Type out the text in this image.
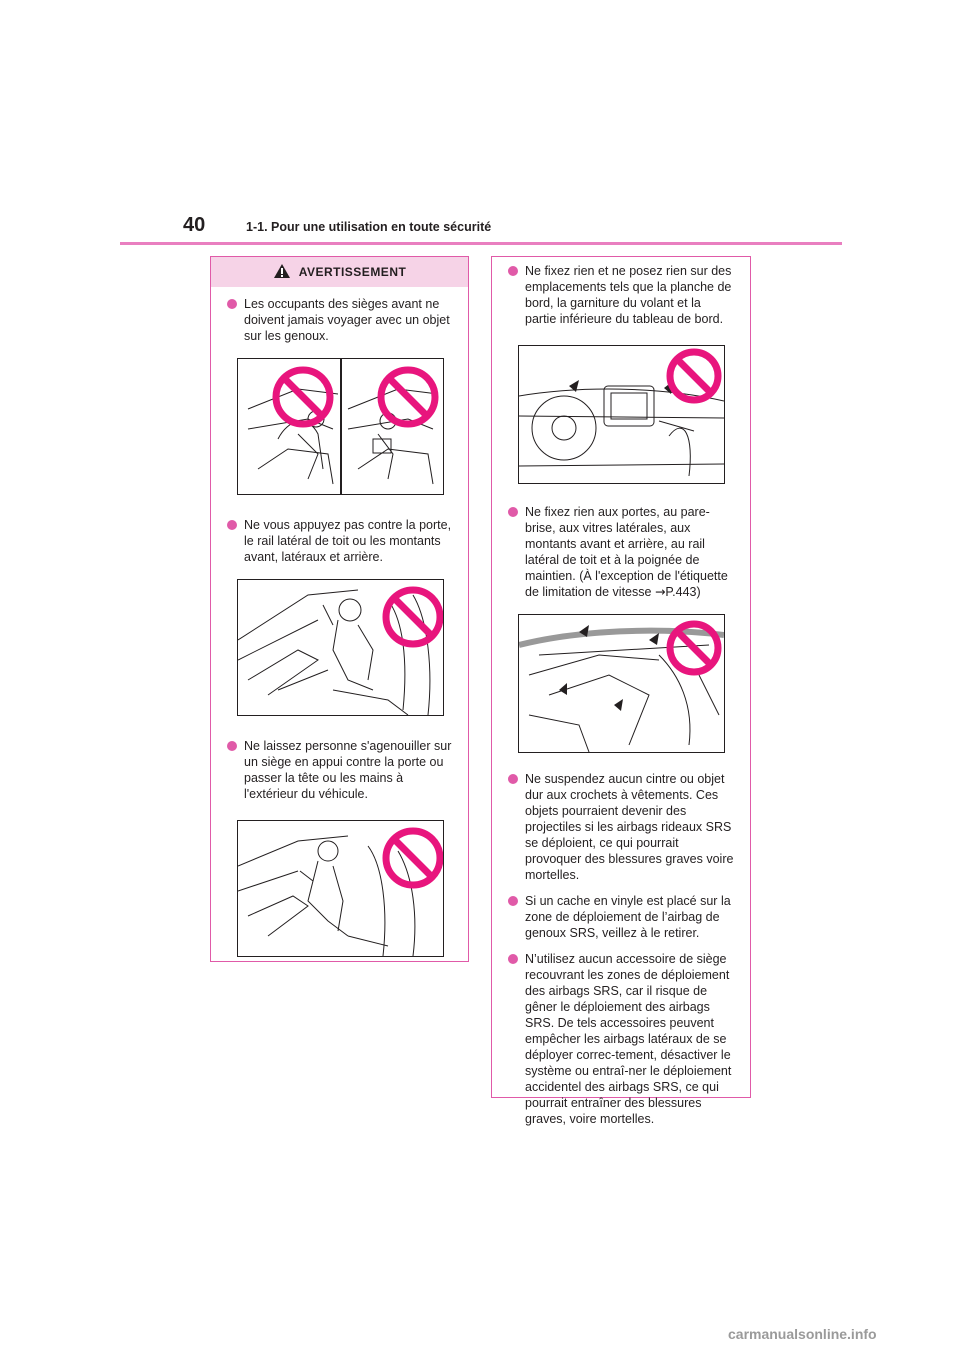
40	1-1. Pour une utilisation en toute sécurité
AVERTISSEMENT
Les occupants des sièges avant ne doivent jamais voyager avec un objet sur les genoux.
Ne vous appuyez pas contre la porte, le rail latéral de toit ou les montants avant, latéraux et arrière.
Ne laissez personne s'agenouiller sur un siège en appui contre la porte ou passer la tête ou les mains à l'extérieur du véhicule.
Ne fixez rien et ne posez rien sur des emplacements tels que la planche de bord, la garniture du volant et la partie inférieure du tableau de bord.
Ne fixez rien aux portes, au pare-brise, aux vitres latérales, aux montants avant et arrière, au rail latéral de toit et à la poignée de maintien. (À l'exception de l'étiquette de limitation de vitesse →P.443)
Ne suspendez aucun cintre ou objet dur aux crochets à vêtements. Ces objets pourraient devenir des projectiles si les airbags rideaux SRS se déploient, ce qui pourrait provoquer des blessures graves voire mortelles.
Si un cache en vinyle est placé sur la zone de déploiement de l’airbag de genoux SRS, veillez à le retirer.
N’utilisez aucun accessoire de siège recouvrant les zones de déploiement des airbags SRS, car il risque de gêner le déploiement des airbags SRS. De tels accessoires peuvent empêcher les airbags latéraux de se déployer correc-tement, désactiver le système ou entraî-ner le déploiement accidentel des airbags SRS, ce qui pourrait entraîner des blessures graves, voire mortelles.
carmanualsonline.info
